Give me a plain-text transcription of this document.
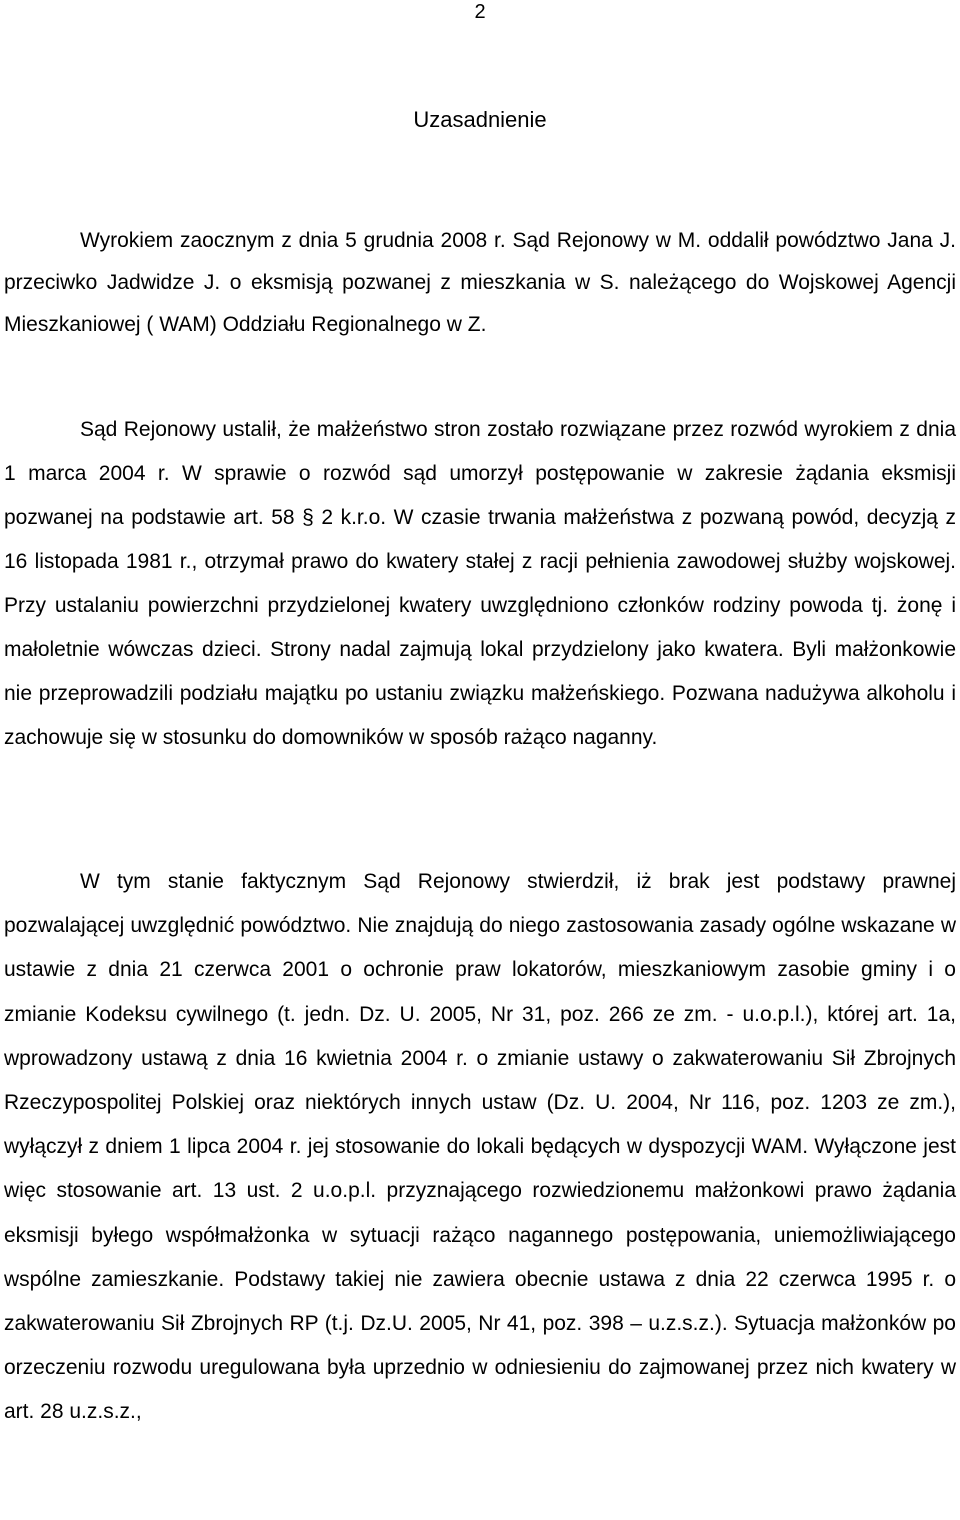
2
Uzasadnienie

Wyrokiem zaocznym z dnia 5 grudnia 2008 r. Sąd Rejonowy w M. oddalił powództwo Jana J. przeciwko Jadwidze J. o eksmisją pozwanej z mieszkania w S. należącego do Wojskowej Agencji Mieszkaniowej ( WAM) Oddziału Regionalnego w Z.

Sąd Rejonowy ustalił, że małżeństwo stron zostało rozwiązane przez rozwód wyrokiem z dnia 1 marca 2004 r. W sprawie o rozwód sąd umorzył postępowanie w zakresie żądania eksmisji pozwanej na podstawie art. 58 § 2 k.r.o. W czasie trwania małżeństwa z pozwaną powód, decyzją z 16 listopada 1981 r., otrzymał prawo do kwatery stałej z racji pełnienia zawodowej służby wojskowej. Przy ustalaniu powierzchni przydzielonej kwatery uwzględniono członków rodziny powoda tj. żonę i małoletnie wówczas dzieci. Strony nadal zajmują lokal przydzielony jako kwatera. Byli małżonkowie nie przeprowadzili podziału majątku po ustaniu związku małżeńskiego. Pozwana nadużywa alkoholu i zachowuje się w stosunku do domowników w sposób rażąco naganny.

W tym stanie faktycznym Sąd Rejonowy stwierdził, iż brak jest podstawy prawnej pozwalającej uwzględnić powództwo. Nie znajdują do niego zastosowania zasady ogólne wskazane w ustawie z dnia 21 czerwca 2001 o ochronie praw lokatorów, mieszkaniowym zasobie gminy i o zmianie Kodeksu cywilnego (t. jedn. Dz. U. 2005, Nr 31, poz. 266 ze zm. - u.o.p.l.), której art. 1a, wprowadzony ustawą z dnia 16 kwietnia 2004 r. o zmianie ustawy o zakwaterowaniu Sił Zbrojnych Rzeczypospolitej Polskiej oraz niektórych innych ustaw (Dz. U. 2004, Nr 116, poz. 1203 ze zm.), wyłączył z dniem 1 lipca 2004 r. jej stosowanie do lokali będących w dyspozycji WAM. Wyłączone jest więc stosowanie art. 13 ust. 2 u.o.p.l. przyznającego rozwiedzionemu małżonkowi prawo żądania eksmisji byłego współmałżonka w sytuacji rażąco nagannego postępowania, uniemożliwiającego wspólne zamieszkanie. Podstawy takiej nie zawiera obecnie ustawa z dnia 22 czerwca 1995 r. o zakwaterowaniu Sił Zbrojnych RP (t.j. Dz.U. 2005, Nr 41, poz. 398 – u.z.s.z.). Sytuacja małżonków po orzeczeniu rozwodu uregulowana była uprzednio w odniesieniu do zajmowanej przez nich kwatery w art. 28 u.z.s.z.,
